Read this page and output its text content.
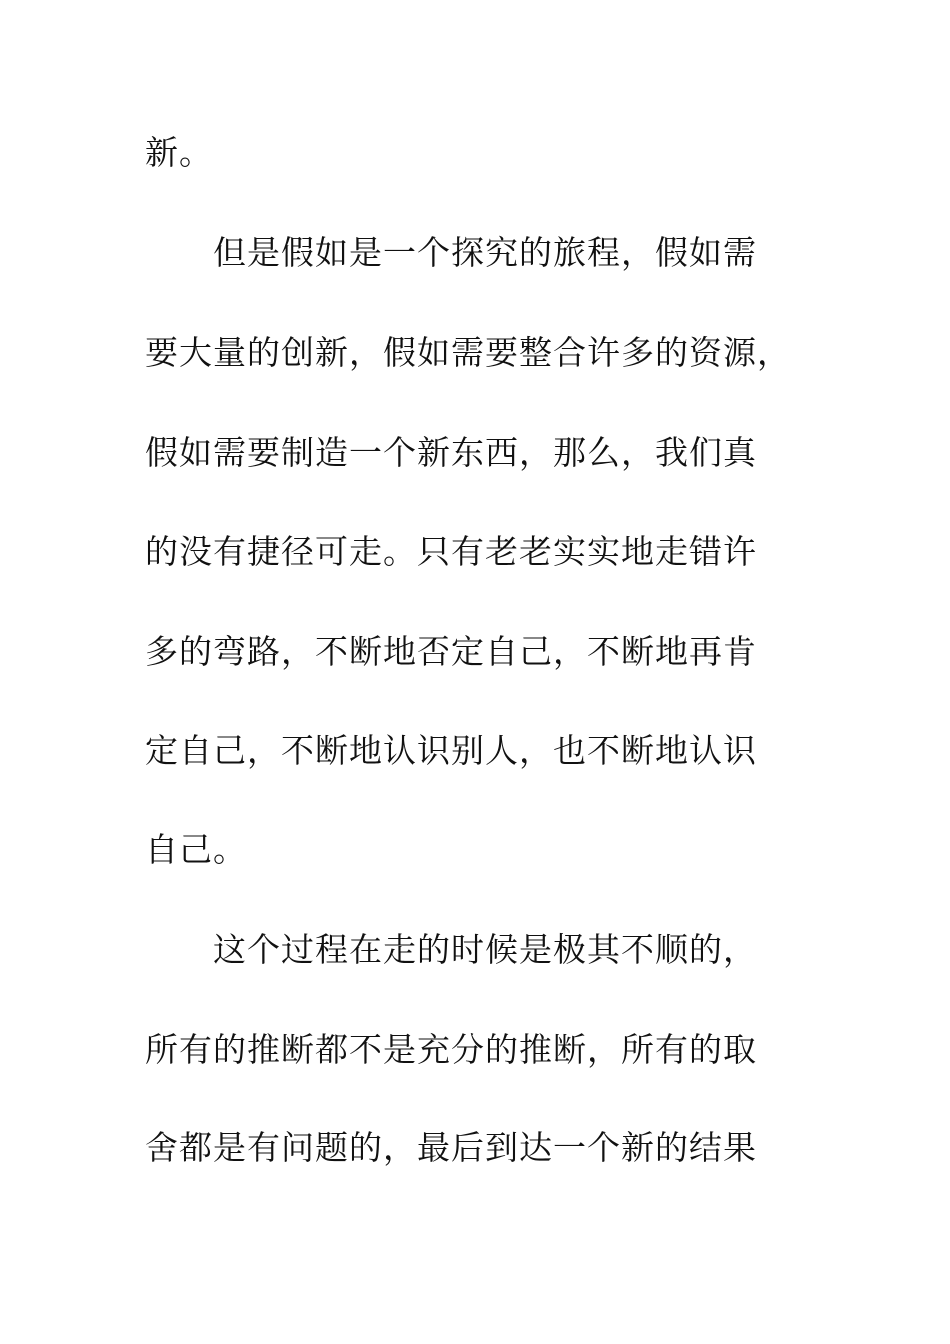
新。
但是假如是一个探究的旅程，假如需
要大量的创新，假如需要整合许多的资源，
假如需要制造一个新东西，那么，我们真
的没有捷径可走。只有老老实实地走错许
多的弯路，不断地否定自己，不断地再肯
定自己，不断地认识别人，也不断地认识
自己。
这个过程在走的时候是极其不顺的，
所有的推断都不是充分的推断，所有的取
舍都是有问题的，最后到达一个新的结果
